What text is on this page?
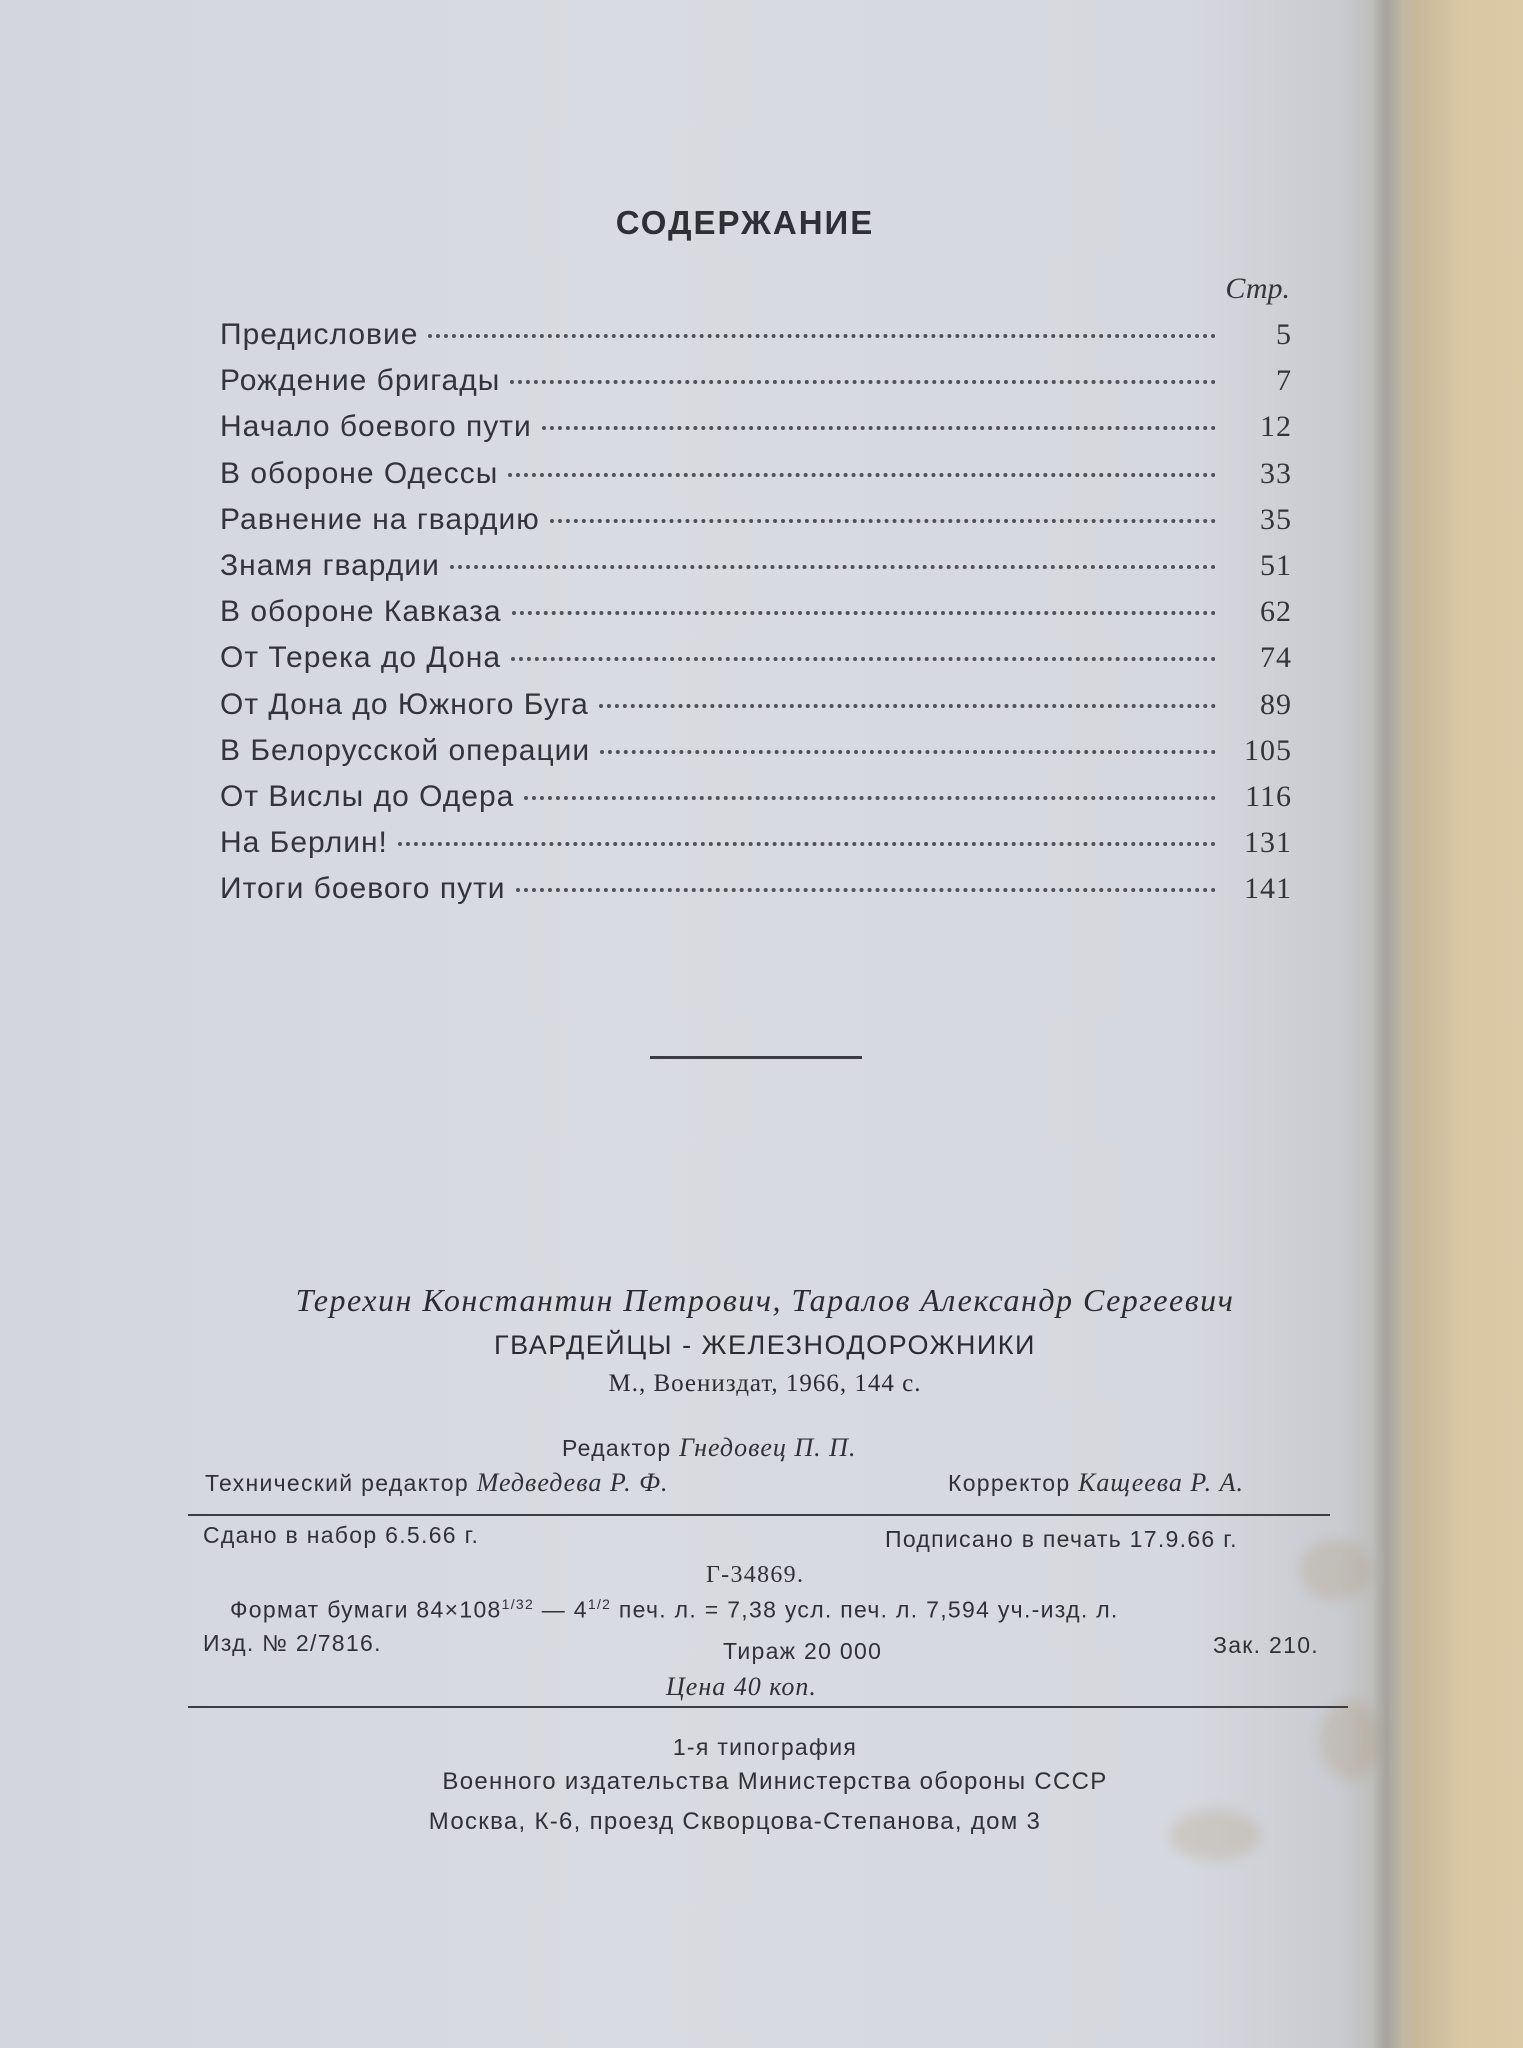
СОДЕРЖАНИЕ
Стр.
Предисловие	5
Рождение бригады	7
Начало боевого пути	12
В обороне Одессы	33
Равнение на гвардию	35
Знамя гвардии	51
В обороне Кавказа	62
От Терека до Дона	74
От Дона до Южного Буга	89
В Белорусской операции	105
От Вислы до Одера	116
На Берлин!	131
Итоги боевого пути	141
Терехин Константин Петрович, Таралов Александр Сергеевич
ГВАРДЕЙЦЫ - ЖЕЛЕЗНОДОРОЖНИКИ
М., Воениздат, 1966, 144 с.
Редактор Гнедовец П. П.
Технический редактор Медведева Р. Ф.	Корректор Кащеева Р. А.
Сдано в набор 6.5.66 г.	Подписано в печать 17.9.66 г.
Г-34869.
Формат бумаги $84\times 108^{1/32}$ — $4^{1/2}$ печ. л. = 7,38 усл. печ. л. 7,594 уч.-изд. л.
Изд. № 2/7816.	Тираж 20 000	Зак. 210.
Цена 40 коп.
1-я типография
Военного издательства Министерства обороны СССР
Москва, К-6, проезд Скворцова-Степанова, дом 3
